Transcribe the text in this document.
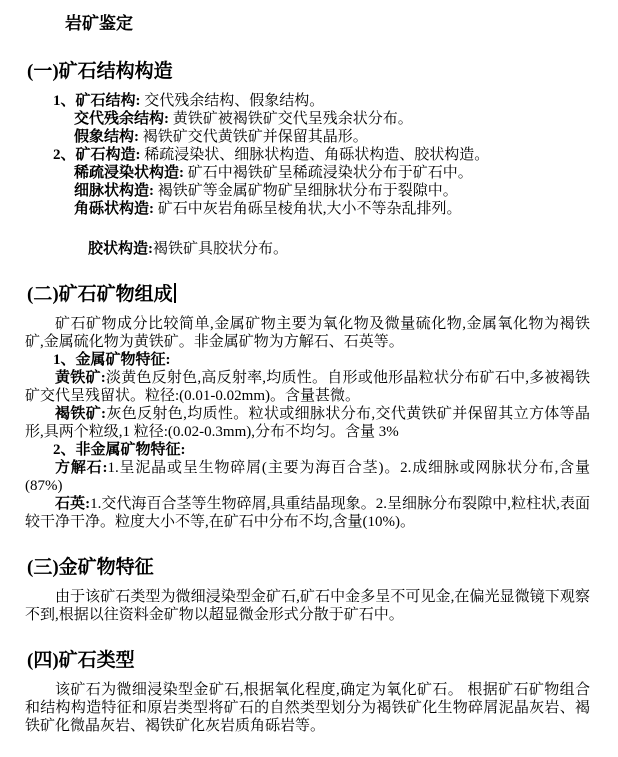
岩矿鉴定

(一)矿石结构构造

1、矿石结构: 交代残余结构、假象结构。

交代残余结构: 黄铁矿被褐铁矿交代呈残余状分布。

假象结构: 褐铁矿交代黄铁矿并保留其晶形。

2、矿石构造: 稀疏浸染状、细脉状构造、角砾状构造、胶状构造。

稀疏浸染状构造: 矿石中褐铁矿呈稀疏浸染状分布于矿石中。

细脉状构造: 褐铁矿等金属矿物矿呈细脉状分布于裂隙中。

角砾状构造: 矿石中灰岩角砾呈棱角状,大小不等杂乱排列。

胶状构造:褐铁矿具胶状分布。

(二)矿石矿物组成

矿石矿物成分比较简单,金属矿物主要为氧化物及微量硫化物,金属氧化物为褐铁矿,金属硫化物为黄铁矿。非金属矿物为方解石、石英等。

1、金属矿物特征:

黄铁矿:淡黄色反射色,高反射率,均质性。自形或他形晶粒状分布矿石中,多被褐铁矿交代呈残留状。粒径:(0.01-0.02mm)。含量甚微。

褐铁矿:灰色反射色,均质性。粒状或细脉状分布,交代黄铁矿并保留其立方体等晶形,具两个粒级,1 粒径:(0.02-0.3mm),分布不均匀。含量 3%

2、非金属矿物特征:

方解石:1.呈泥晶或呈生物碎屑(主要为海百合茎)。2.成细脉或网脉状分布,含量(87%)

石英:1.交代海百合茎等生物碎屑,具重结晶现象。2.呈细脉分布裂隙中,粒柱状,表面较干净干净。粒度大小不等,在矿石中分布不均,含量(10%)。

(三)金矿物特征

由于该矿石类型为微细浸染型金矿石,矿石中金多呈不可见金,在偏光显微镜下观察不到,根据以往资料金矿物以超显微金形式分散于矿石中。

(四)矿石类型

该矿石为微细浸染型金矿石,根据氧化程度,确定为氧化矿石。 根据矿石矿物组合和结构构造特征和原岩类型将矿石的自然类型划分为褐铁矿化生物碎屑泥晶灰岩、褐铁矿化微晶灰岩、褐铁矿化灰岩质角砾岩等。
